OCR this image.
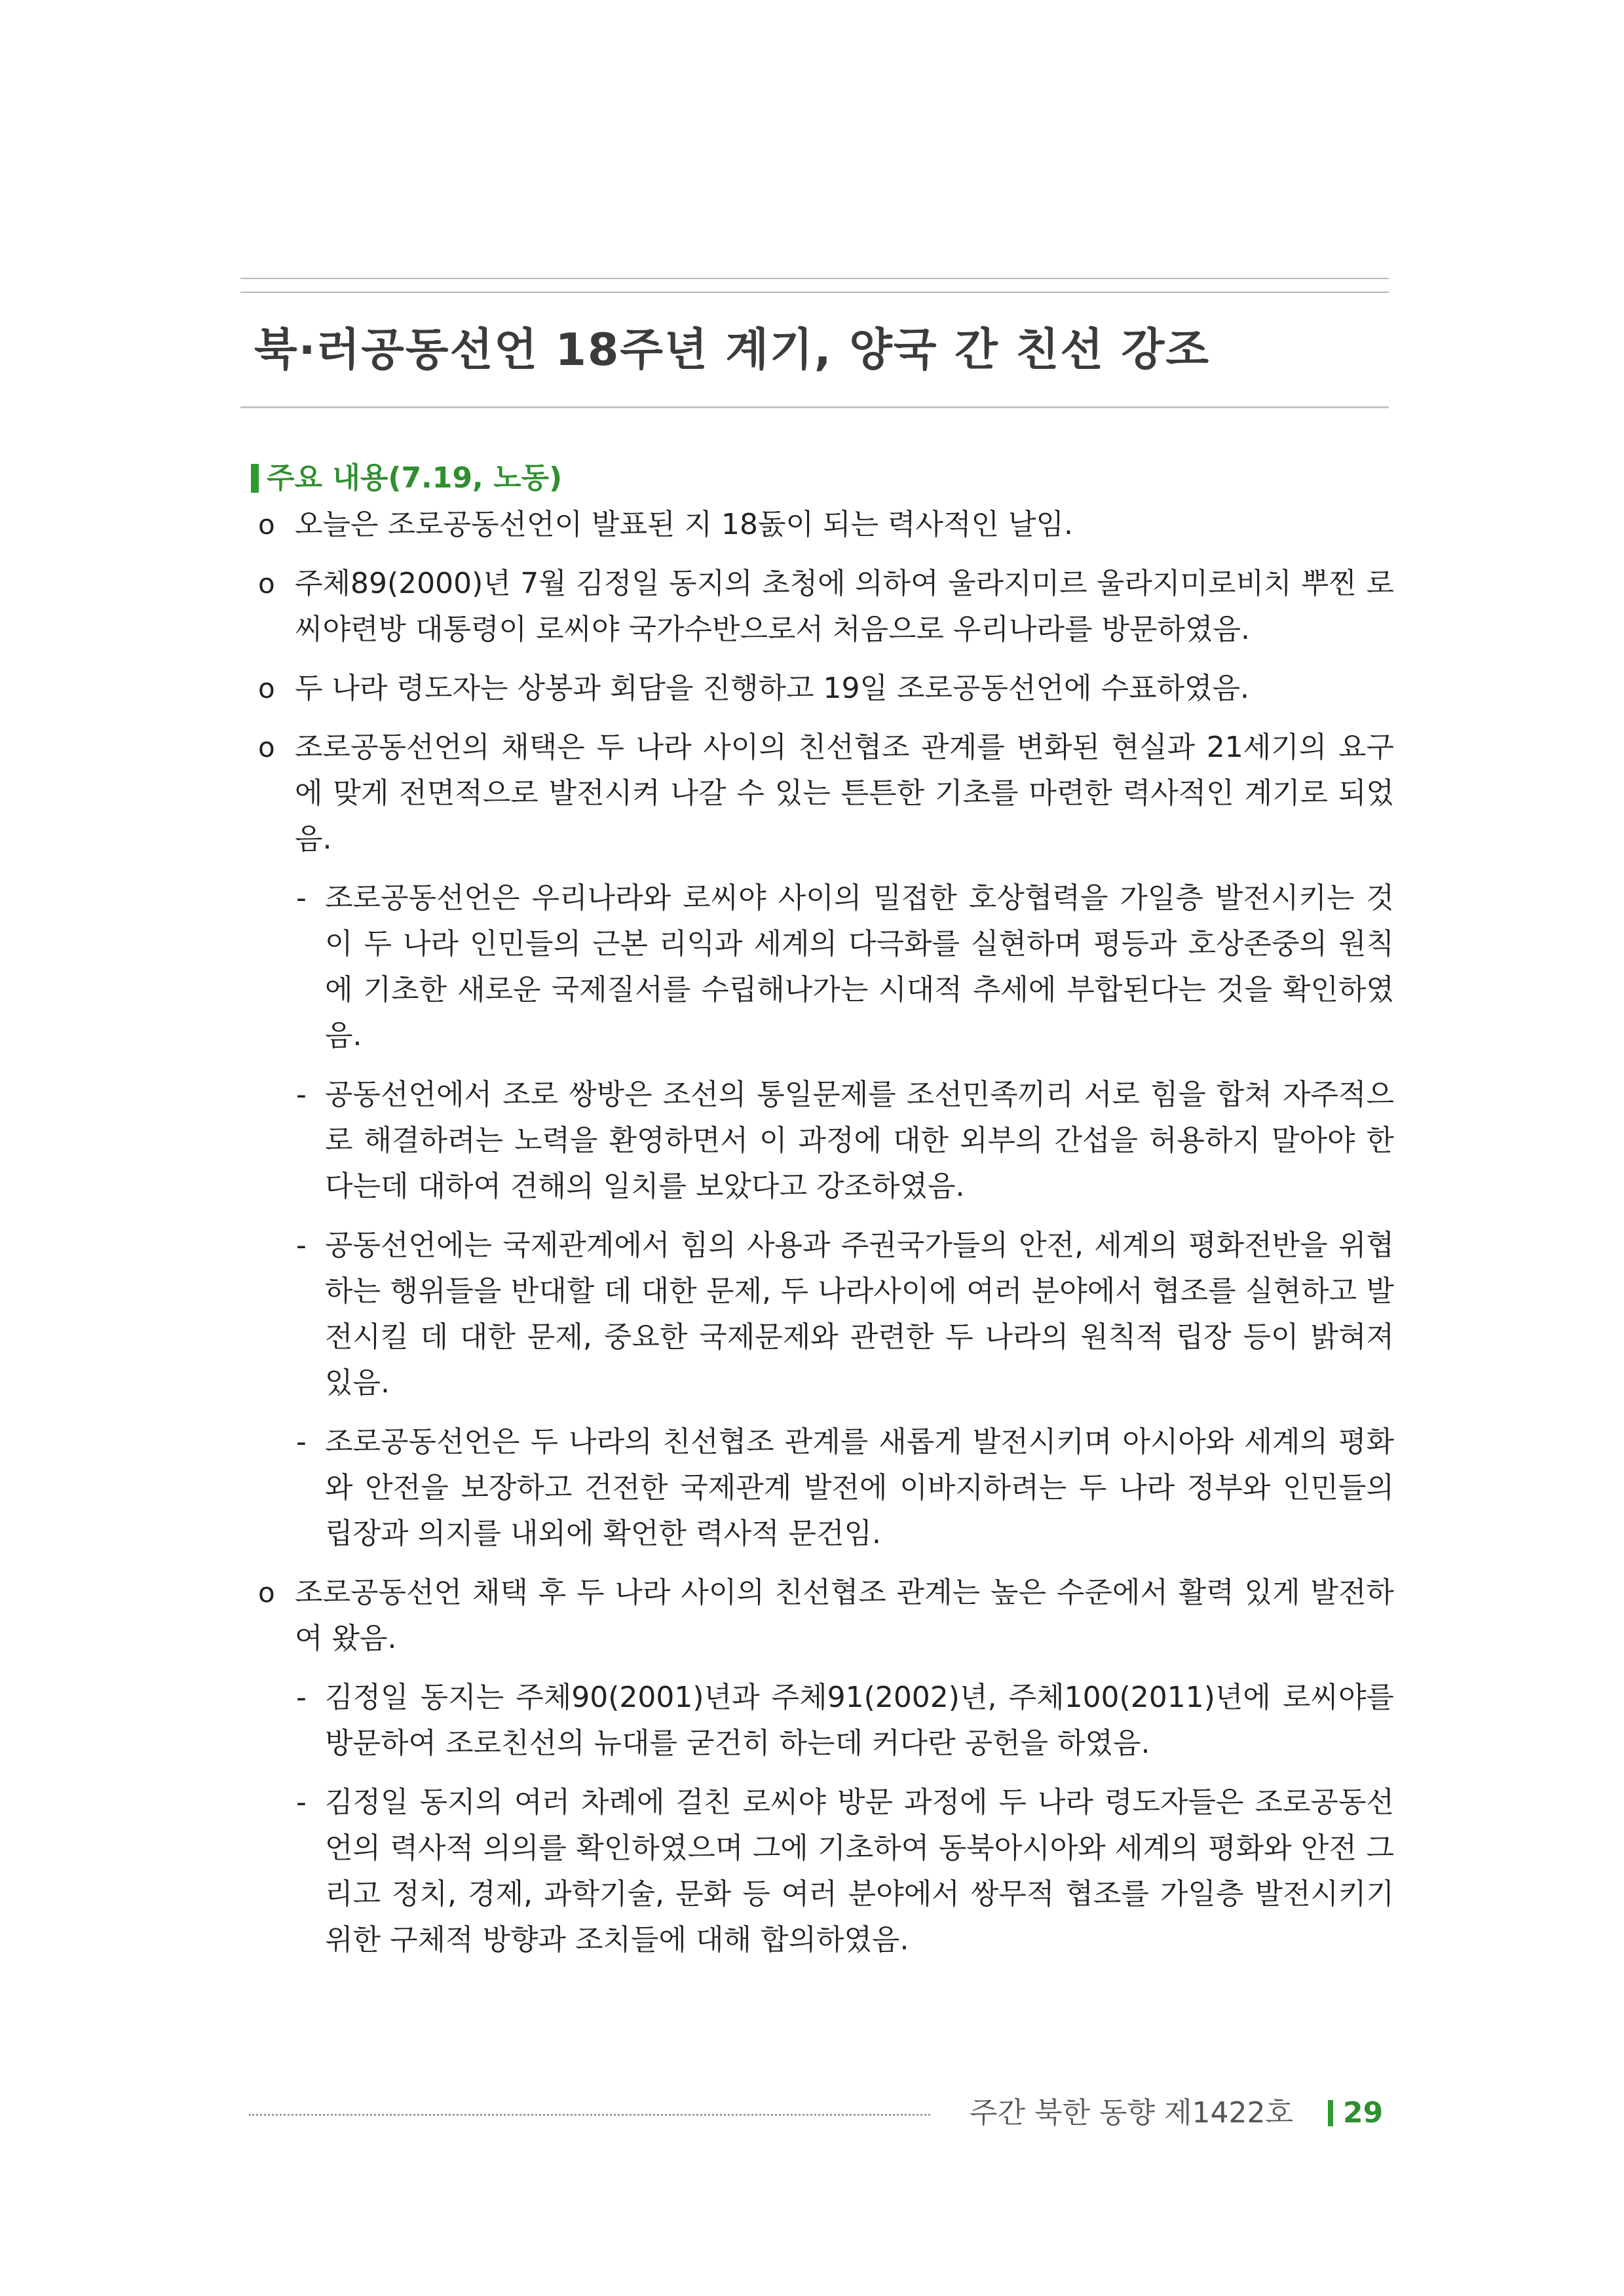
북·러공동선언 18주년 계기, 양국 간 친선 강조
주요 내용(7.19, 노동)
o 오늘은 조로공동선언이 발표된 지 18돐이 되는 력사적인 날임.
o 주체89(2000)년 7월 김정일 동지의 초청에 의하여 울라지미르 울라지미로비치 뿌찐 로씨야련방 대통령이 로씨야 국가수반으로서 처음으로 우리나라를 방문하였음.
o 두 나라 령도자는 상봉과 회담을 진행하고 19일 조로공동선언에 수표하였음.
o 조로공동선언의 채택은 두 나라 사이의 친선협조 관계를 변화된 현실과 21세기의 요구에 맞게 전면적으로 발전시켜 나갈 수 있는 튼튼한 기초를 마련한 력사적인 계기로 되었음.
- 조로공동선언은 우리나라와 로씨야 사이의 밀접한 호상협력을 가일층 발전시키는 것이 두 나라 인민들의 근본 리익과 세계의 다극화를 실현하며 평등과 호상존중의 원칙에 기초한 새로운 국제질서를 수립해나가는 시대적 추세에 부합된다는 것을 확인하였음.
- 공동선언에서 조로 쌍방은 조선의 통일문제를 조선민족끼리 서로 힘을 합쳐 자주적으로 해결하려는 노력을 환영하면서 이 과정에 대한 외부의 간섭을 허용하지 말아야 한다는데 대하여 견해의 일치를 보았다고 강조하였음.
- 공동선언에는 국제관계에서 힘의 사용과 주권국가들의 안전, 세계의 평화전반을 위협하는 행위들을 반대할 데 대한 문제, 두 나라사이에 여러 분야에서 협조를 실현하고 발전시킬 데 대한 문제, 중요한 국제문제와 관련한 두 나라의 원칙적 립장 등이 밝혀져 있음.
- 조로공동선언은 두 나라의 친선협조 관계를 새롭게 발전시키며 아시아와 세계의 평화와 안전을 보장하고 건전한 국제관계 발전에 이바지하려는 두 나라 정부와 인민들의 립장과 의지를 내외에 확언한 력사적 문건임.
o 조로공동선언 채택 후 두 나라 사이의 친선협조 관계는 높은 수준에서 활력 있게 발전하여 왔음.
- 김정일 동지는 주체90(2001)년과 주체91(2002)년, 주체100(2011)년에 로씨야를 방문하여 조로친선의 뉴대를 굳건히 하는데 커다란 공헌을 하였음.
- 김정일 동지의 여러 차례에 걸친 로씨야 방문 과정에 두 나라 령도자들은 조로공동선언의 력사적 의의를 확인하였으며 그에 기초하여 동북아시아와 세계의 평화와 안전 그리고 정치, 경제, 과학기술, 문화 등 여러 분야에서 쌍무적 협조를 가일층 발전시키기 위한 구체적 방향과 조치들에 대해 합의하였음.
주간 북한 동향 제1422호 29
